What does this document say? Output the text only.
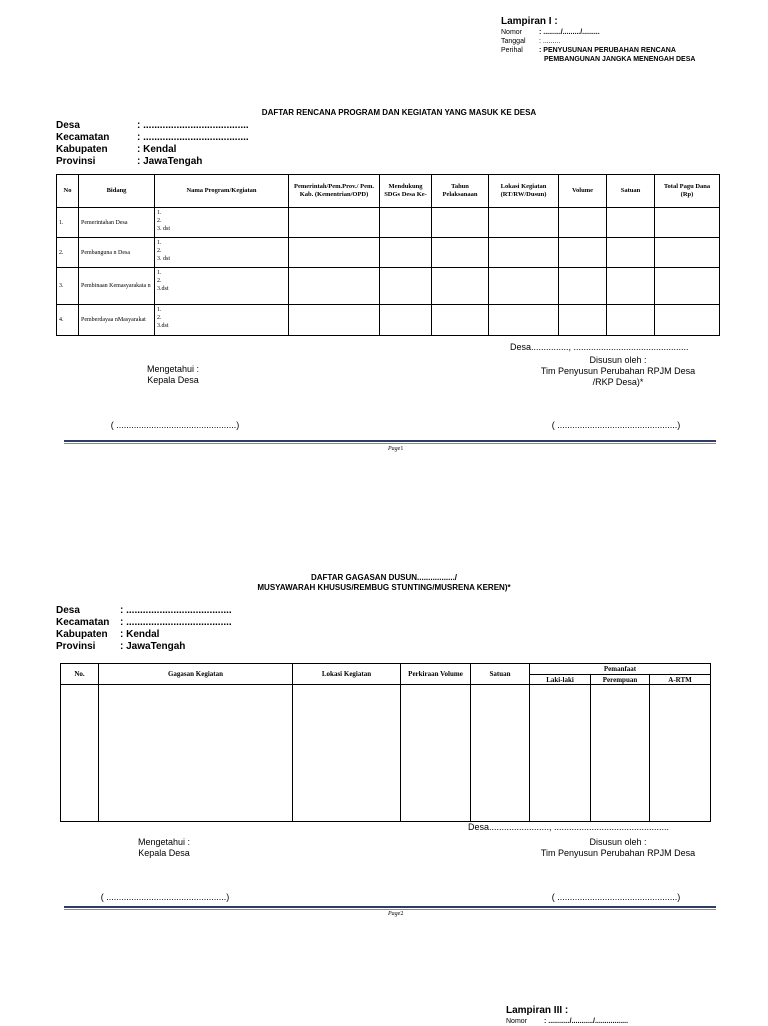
Lampiran I :
Nomor	: ........./........./.........
Tanggal	: .........
Perihal	: PENYUSUNAN PERUBAHAN RENCANA
	PEMBANGUNAN JANGKA MENENGAH DESA
DAFTAR RENCANA PROGRAM DAN KEGIATAN YANG MASUK KE DESA
Desa	: ......................................
Kecamatan	: ......................................
Kabupaten	: Kendal
Provinsi	: JawaTengah
No	Bidang	Nama Program/Kegiatan	Pemerintah/Pem.Prov./ Pem. Kab. (Kementrian/OPD)	Mendukung SDGs Desa Ke-	Tahun Pelaksanaan	Lokasi Kegiatan (RT/RW/Dusun)	Volume	Satuan	Total Pagu Dana (Rp)
1.	Pemerintahan Desa	1.
2.
3. dst							

2.	Pembanguna n Desa	1.
2.
3. dst							

3.	Pembinaan Kemasyarakata n	1.
2.
3.dst							

4.	Pemberdayaa nMasyarakat	1.
2.
3.dst							

Desa..............., ..............................................
Mengetahui :
Kepala Desa
Disusun oleh :
Tim Penyusun Perubahan RPJM Desa
/RKP Desa)*
( ................................................)	( ................................................)
Page1
DAFTAR GAGASAN DUSUN................./
MUSYAWARAH KHUSUS/REMBUG STUNTING/MUSRENA KEREN)*
Desa	: ......................................
Kecamatan	: ......................................
Kabupaten	: Kendal
Provinsi	: JawaTengah
No.	Gagasan Kegiatan	Lokasi Kegiatan	Perkiraan Volume	Satuan	Pemanfaat		
					Laki-laki	Perempuan	A-RTM

Desa........................, ..............................................
Mengetahui :
Kepala Desa
Disusun oleh :
Tim Penyusun Perubahan RPJM Desa
( ................................................)	( ................................................)
Page2
Lampiran III :
Nomor	: .........../.........../.................
